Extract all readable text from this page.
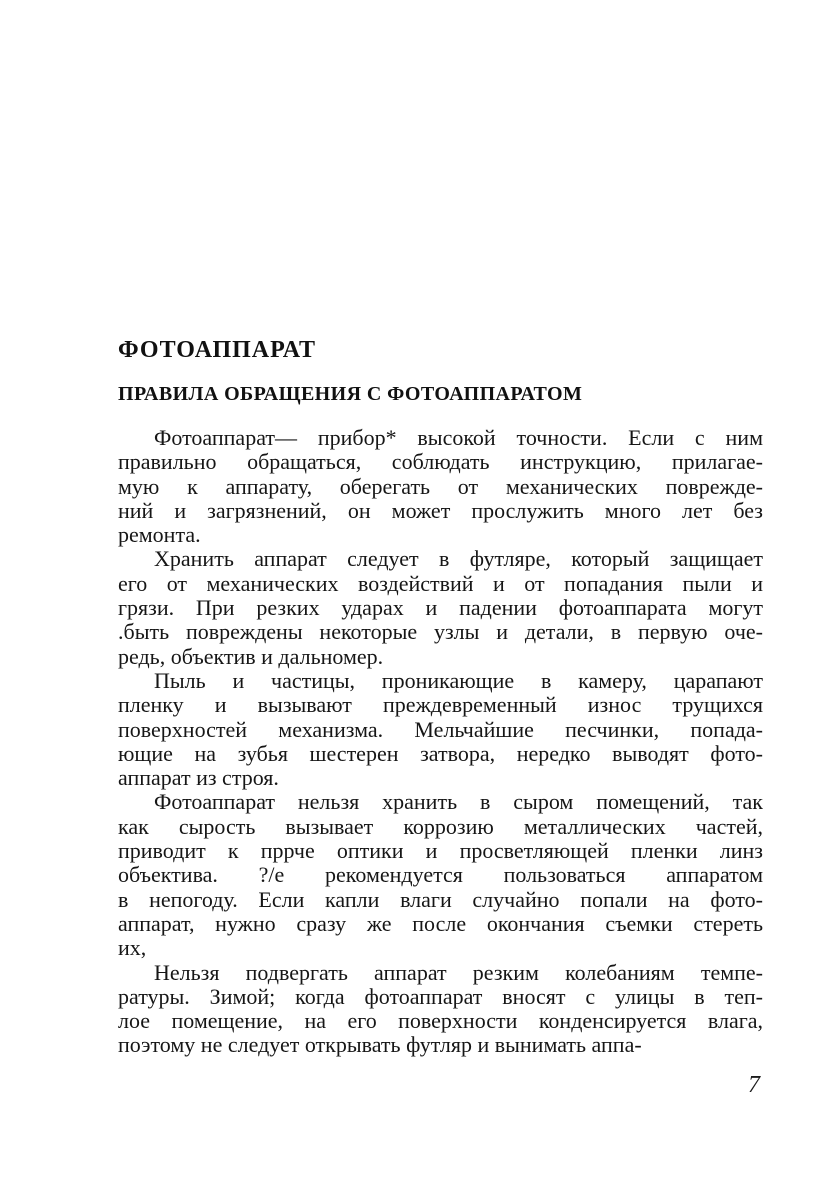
ФОТОАППАРАТ
ПРАВИЛА ОБРАЩЕНИЯ С ФОТОАППАРАТОМ
Фотоаппарат— прибор* высокой точности. Если с ним
правильно обращаться, соблюдать инструкцию, прилагае-
мую к аппарату, оберегать от механических поврежде-
ний и загрязнений, он может прослужить много лет без
ремонта.
Хранить аппарат следует в футляре, который защищает
его от механических воздействий и от попадания пыли и
грязи. При резких ударах и падении фотоаппарата могут
.быть повреждены некоторые узлы и детали, в первую оче-
редь, объектив и дальномер.
Пыль и частицы, проникающие в камеру, царапают
пленку и вызывают преждевременный износ трущихся
поверхностей механизма. Мельчайшие песчинки, попада-
ющие на зубья шестерен затвора, нередко выводят фото-
аппарат из строя.
Фотоаппарат нельзя хранить в сыром помещений, так
как сырость вызывает коррозию металлических частей,
приводит к пррче оптики и просветляющей пленки линз
объектива. ?/е рекомендуется пользоваться аппаратом
в непогоду. Если капли влаги случайно попали на фото-
аппарат, нужно сразу же после окончания съемки стереть
их,
Нельзя подвергать аппарат резким колебаниям темпе-
ратуры. Зимой; когда фотоаппарат вносят с улицы в теп-
лое помещение, на его поверхности конденсируется влага,
поэтому не следует открывать футляр и вынимать аппа-
7
